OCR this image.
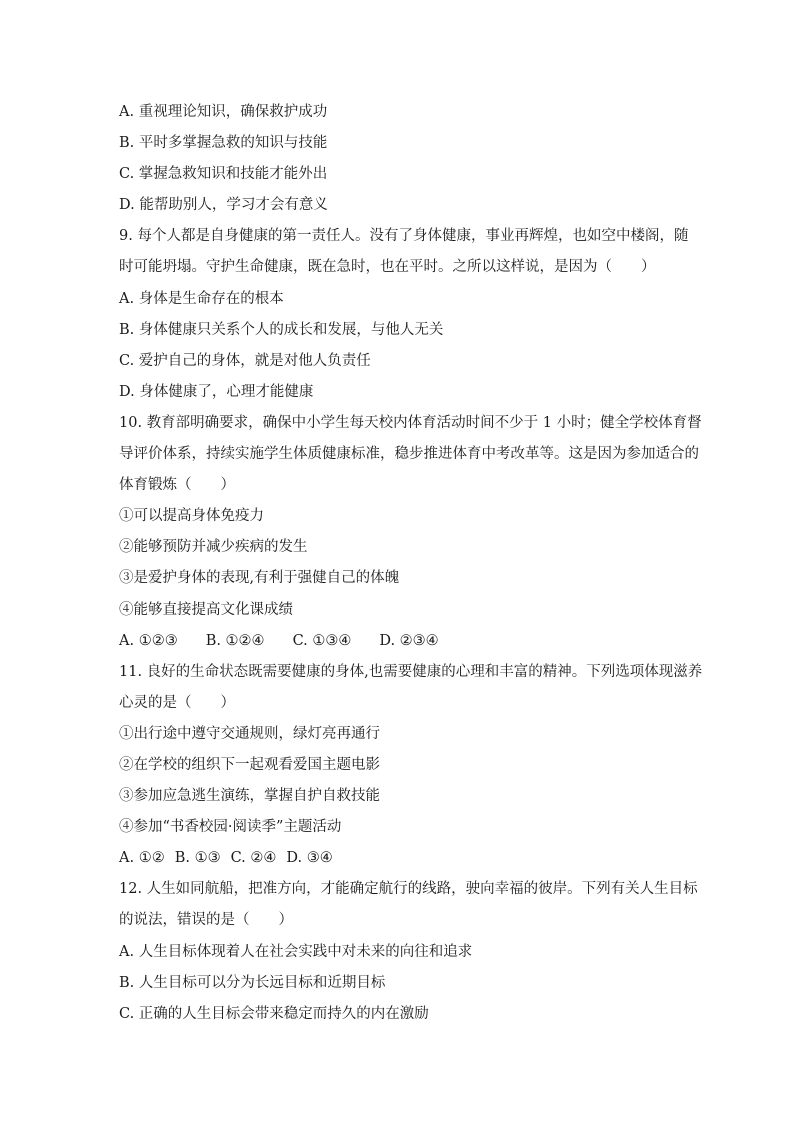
A. 重视理论知识，确保救护成功
B. 平时多掌握急救的知识与技能
C. 掌握急救知识和技能才能外出
D. 能帮助别人，学习才会有意义
9. 每个人都是自身健康的第一责任人。没有了身体健康，事业再辉煌，也如空中楼阁，随
时可能坍塌。守护生命健康，既在急时，也在平时。之所以这样说，是因为（　　）
A. 身体是生命存在的根本
B. 身体健康只关系个人的成长和发展，与他人无关
C. 爱护自己的身体，就是对他人负责任
D. 身体健康了，心理才能健康
10. 教育部明确要求，确保中小学生每天校内体育活动时间不少于 1 小时；健全学校体育督
导评价体系，持续实施学生体质健康标准，稳步推进体育中考改革等。这是因为参加适合的
体育锻炼（　　）
①可以提高身体免疫力
②能够预防并减少疾病的发生
③是爱护身体的表现,有利于强健自己的体魄
④能够直接提高文化课成绩
A. ①②③ B. ①②④ C. ①③④ D. ②③④
11. 良好的生命状态既需要健康的身体,也需要健康的心理和丰富的精神。下列选项体现滋养
心灵的是（　　）
①出行途中遵守交通规则，绿灯亮再通行
②在学校的组织下一起观看爱国主题电影
③参加应急逃生演练，掌握自护自救技能
④参加“书香校园·阅读季”主题活动
A. ①② B. ①③ C. ②④ D. ③④
12. 人生如同航船，把准方向，才能确定航行的线路，驶向幸福的彼岸。下列有关人生目标
的说法，错误的是（　　）
A. 人生目标体现着人在社会实践中对未来的向往和追求
B. 人生目标可以分为长远目标和近期目标
C. 正确的人生目标会带来稳定而持久的内在激励
